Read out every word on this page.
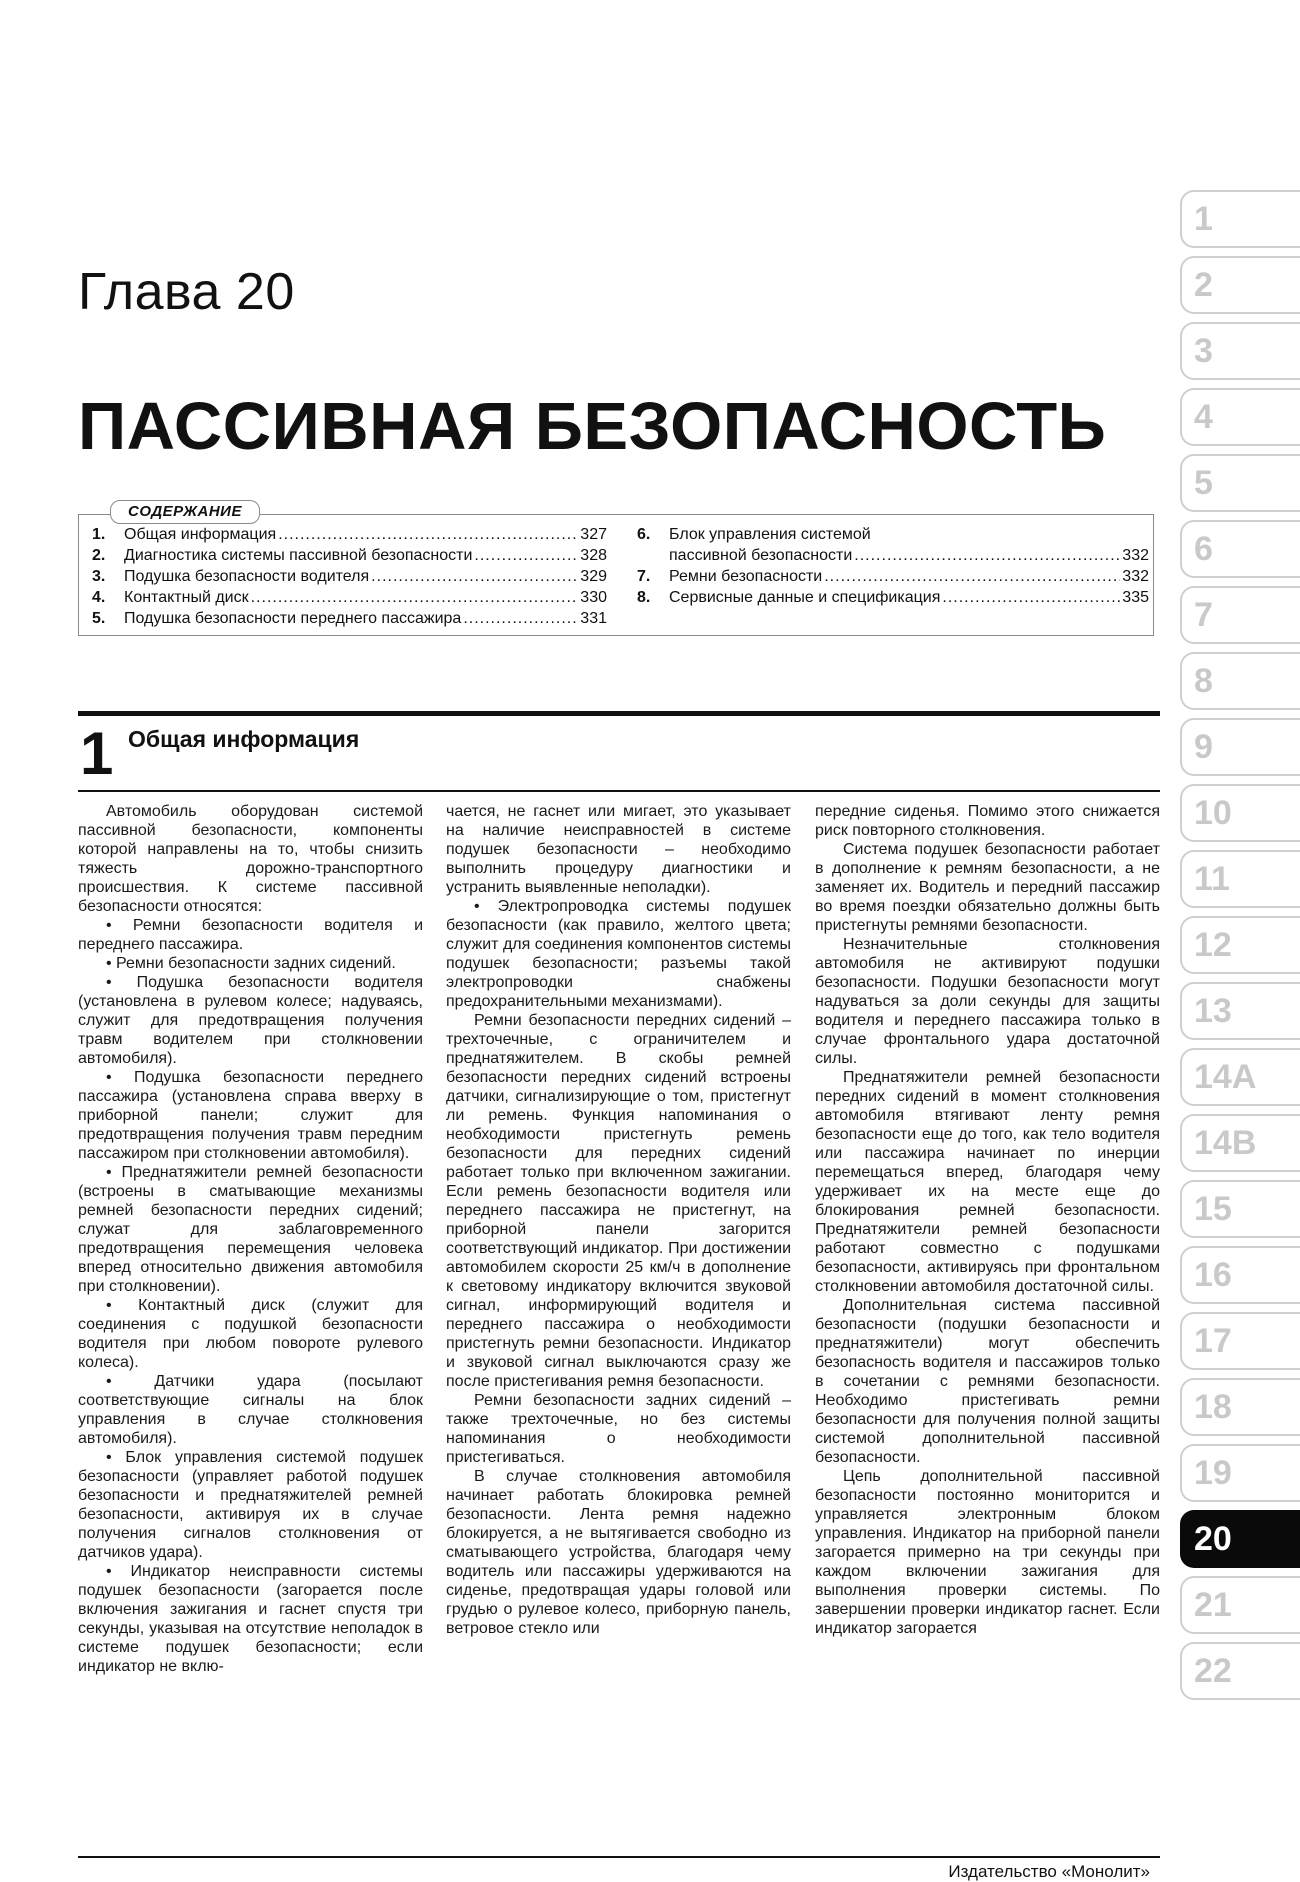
Глава 20
ПАССИВНАЯ БЕЗОПАСНОСТЬ
СОДЕРЖАНИЕ
1.	Общая информация .....	327
2.	Диагностика системы пассивной безопасности .....	328
3.	Подушка безопасности водителя .....	329
4.	Контактный диск .....	330
5.	Подушка безопасности переднего пассажира .....	331
6.	Блок управления системой
пассивной безопасности .....	332
7.	Ремни безопасности .....	332
8.	Сервисные данные и спецификация .....	335
1 Общая информация

Автомобиль оборудован системой пассивной безопасности, компоненты которой направлены на то, чтобы снизить тяжесть дорожно-транспортного происшествия. К системе пассивной безопасности относятся:

• Ремни безопасности водителя и переднего пассажира.

• Ремни безопасности задних сидений.

• Подушка безопасности водителя (установлена в рулевом колесе; надуваясь, служит для предотвращения получения травм водителем при столкновении автомобиля).

• Подушка безопасности переднего пассажира (установлена справа вверху в приборной панели; служит для предотвращения получения травм передним пассажиром при столкновении автомобиля).

• Преднатяжители ремней безопасности (встроены в сматывающие механизмы ремней безопасности передних сидений; служат для заблаговременного предотвращения перемещения человека вперед относительно движения автомобиля при столкновении).

• Контактный диск (служит для соединения с подушкой безопасности водителя при любом повороте рулевого колеса).

• Датчики удара (посылают соответствующие сигналы на блок управления в случае столкновения автомобиля).

• Блок управления системой подушек безопасности (управляет работой подушек безопасности и преднатяжителей ремней безопасности, активируя их в случае получения сигналов столкновения от датчиков удара).

• Индикатор неисправности системы подушек безопасности (загорается после включения зажигания и гаснет спустя три секунды, указывая на отсутствие неполадок в системе подушек безопасности; если индикатор не вклю-

чается, не гаснет или мигает, это указывает на наличие неисправностей в системе подушек безопасности – необходимо выполнить процедуру диагностики и устранить выявленные неполадки).

• Электропроводка системы подушек безопасности (как правило, желтого цвета; служит для соединения компонентов системы подушек безопасности; разъемы такой электропроводки снабжены предохранительными механизмами).

Ремни безопасности передних сидений – трехточечные, с ограничителем и преднатяжителем. В скобы ремней безопасности передних сидений встроены датчики, сигнализирующие о том, пристегнут ли ремень. Функция напоминания о необходимости пристегнуть ремень безопасности для передних сидений работает только при включенном зажигании. Если ремень безопасности водителя или переднего пассажира не пристегнут, на приборной панели загорится соответствующий индикатор. При достижении автомобилем скорости 25 км/ч в дополнение к световому индикатору включится звуковой сигнал, информирующий водителя и переднего пассажира о необходимости пристегнуть ремни безопасности. Индикатор и звуковой сигнал выключаются сразу же после пристегивания ремня безопасности.

Ремни безопасности задних сидений – также трехточечные, но без системы напоминания о необходимости пристегиваться.

В случае столкновения автомобиля начинает работать блокировка ремней безопасности. Лента ремня надежно блокируется, а не вытягивается свободно из сматывающего устройства, благодаря чему водитель или пассажиры удерживаются на сиденье, предотвращая удары головой или грудью о рулевое колесо, приборную панель, ветровое стекло или

передние сиденья. Помимо этого снижается риск повторного столкновения.

Система подушек безопасности работает в дополнение к ремням безопасности, а не заменяет их. Водитель и передний пассажир во время поездки обязательно должны быть пристегнуты ремнями безопасности.

Незначительные столкновения автомобиля не активируют подушки безопасности. Подушки безопасности могут надуваться за доли секунды для защиты водителя и переднего пассажира только в случае фронтального удара достаточной силы.

Преднатяжители ремней безопасности передних сидений в момент столкновения автомобиля втягивают ленту ремня безопасности еще до того, как тело водителя или пассажира начинает по инерции перемещаться вперед, благодаря чему удерживает их на месте еще до блокирования ремней безопасности. Преднатяжители ремней безопасности работают совместно с подушками безопасности, активируясь при фронтальном столкновении автомобиля достаточной силы.

Дополнительная система пассивной безопасности (подушки безопасности и преднатяжители) могут обеспечить безопасность водителя и пассажиров только в сочетании с ремнями безопасности. Необходимо пристегивать ремни безопасности для получения полной защиты системой дополнительной пассивной безопасности.

Цепь дополнительной пассивной безопасности постоянно мониторится и управляется электронным блоком управления. Индикатор на приборной панели загорается примерно на три секунды при каждом включении зажигания для выполнения проверки системы. По завершении проверки индикатор гаснет. Если индикатор загорается

Издательство «Монолит»
1
2
3
4
5
6
7
8
9
10
11
12
13
14A
14B
15
16
17
18
19
20
21
22
